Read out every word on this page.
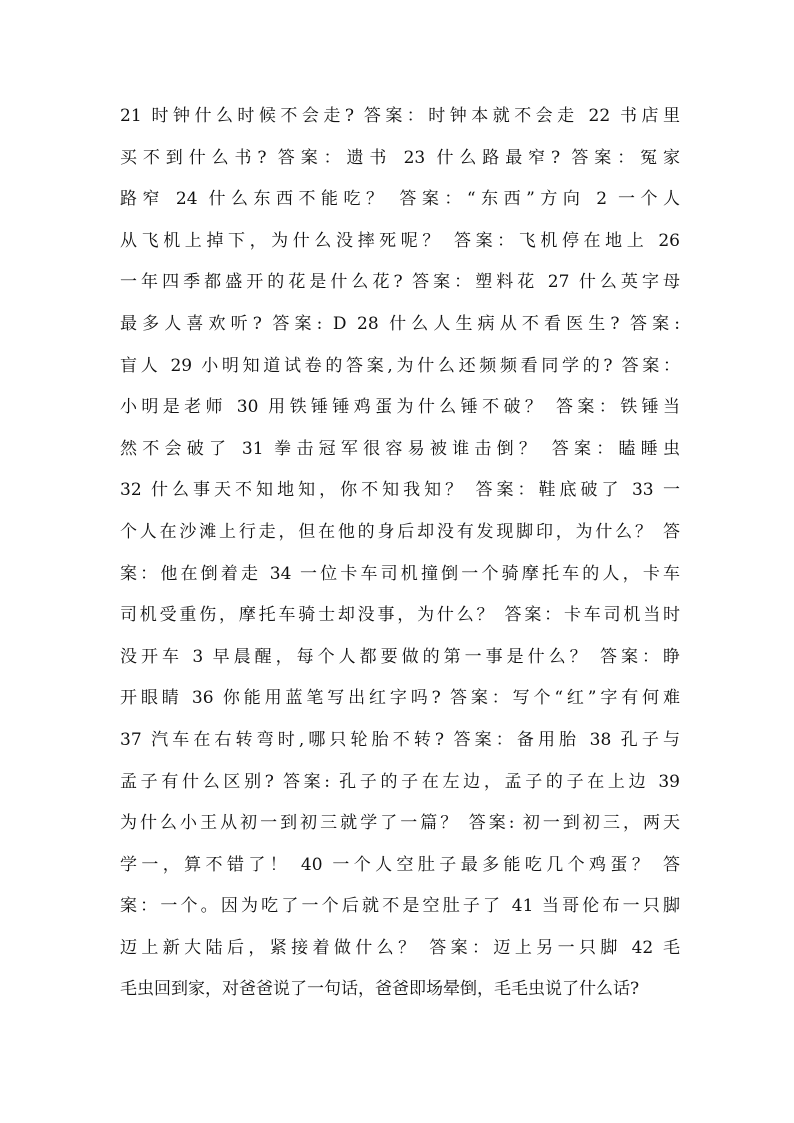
21 时钟什么时候不会走? 答案：时钟本就不会走 22 书店里
买不到什么书? 答案：遗书 23 什么路最窄? 答案：冤家
路窄 24 什么东西不能吃？ 答案：“东西”方向 2 一个人
从飞机上掉下，为什么没摔死呢？ 答案：飞机停在地上 26
一年四季都盛开的花是什么花? 答案：塑料花 27 什么英字母
最多人喜欢听? 答案: D 28 什么人生病从不看医生? 答案:
盲人 29 小明知道试卷的答案,为什么还频频看同学的? 答案：
小明是老师 30 用铁锤锤鸡蛋为什么锤不破？ 答案：铁锤当
然不会破了 31 拳击冠军很容易被谁击倒？ 答案：瞌睡虫
32 什么事天不知地知，你不知我知？ 答案：鞋底破了 33 一
个人在沙滩上行走，但在他的身后却没有发现脚印，为什么？ 答
案：他在倒着走 34 一位卡车司机撞倒一个骑摩托车的人，卡车
司机受重伤，摩托车骑士却没事，为什么？ 答案：卡车司机当时
没开车 3 早晨醒，每个人都要做的第一事是什么？ 答案：睁
开眼睛 36 你能用蓝笔写出红字吗? 答案：写个“红”字有何难
37 汽车在右转弯时,哪只轮胎不转? 答案：备用胎 38 孔子与
孟子有什么区别? 答案: 孔子的子在左边，孟子的子在上边 39
为什么小王从初一到初三就学了一篇？ 答案: 初一到初三，两天
学一，算不错了！ 40 一个人空肚子最多能吃几个鸡蛋？ 答
案：一个。因为吃了一个后就不是空肚子了 41 当哥伦布一只脚
迈上新大陆后，紧接着做什么？ 答案：迈上另一只脚 42 毛
毛虫回到家，对爸爸说了一句话，爸爸即场晕倒，毛毛虫说了什么话?
